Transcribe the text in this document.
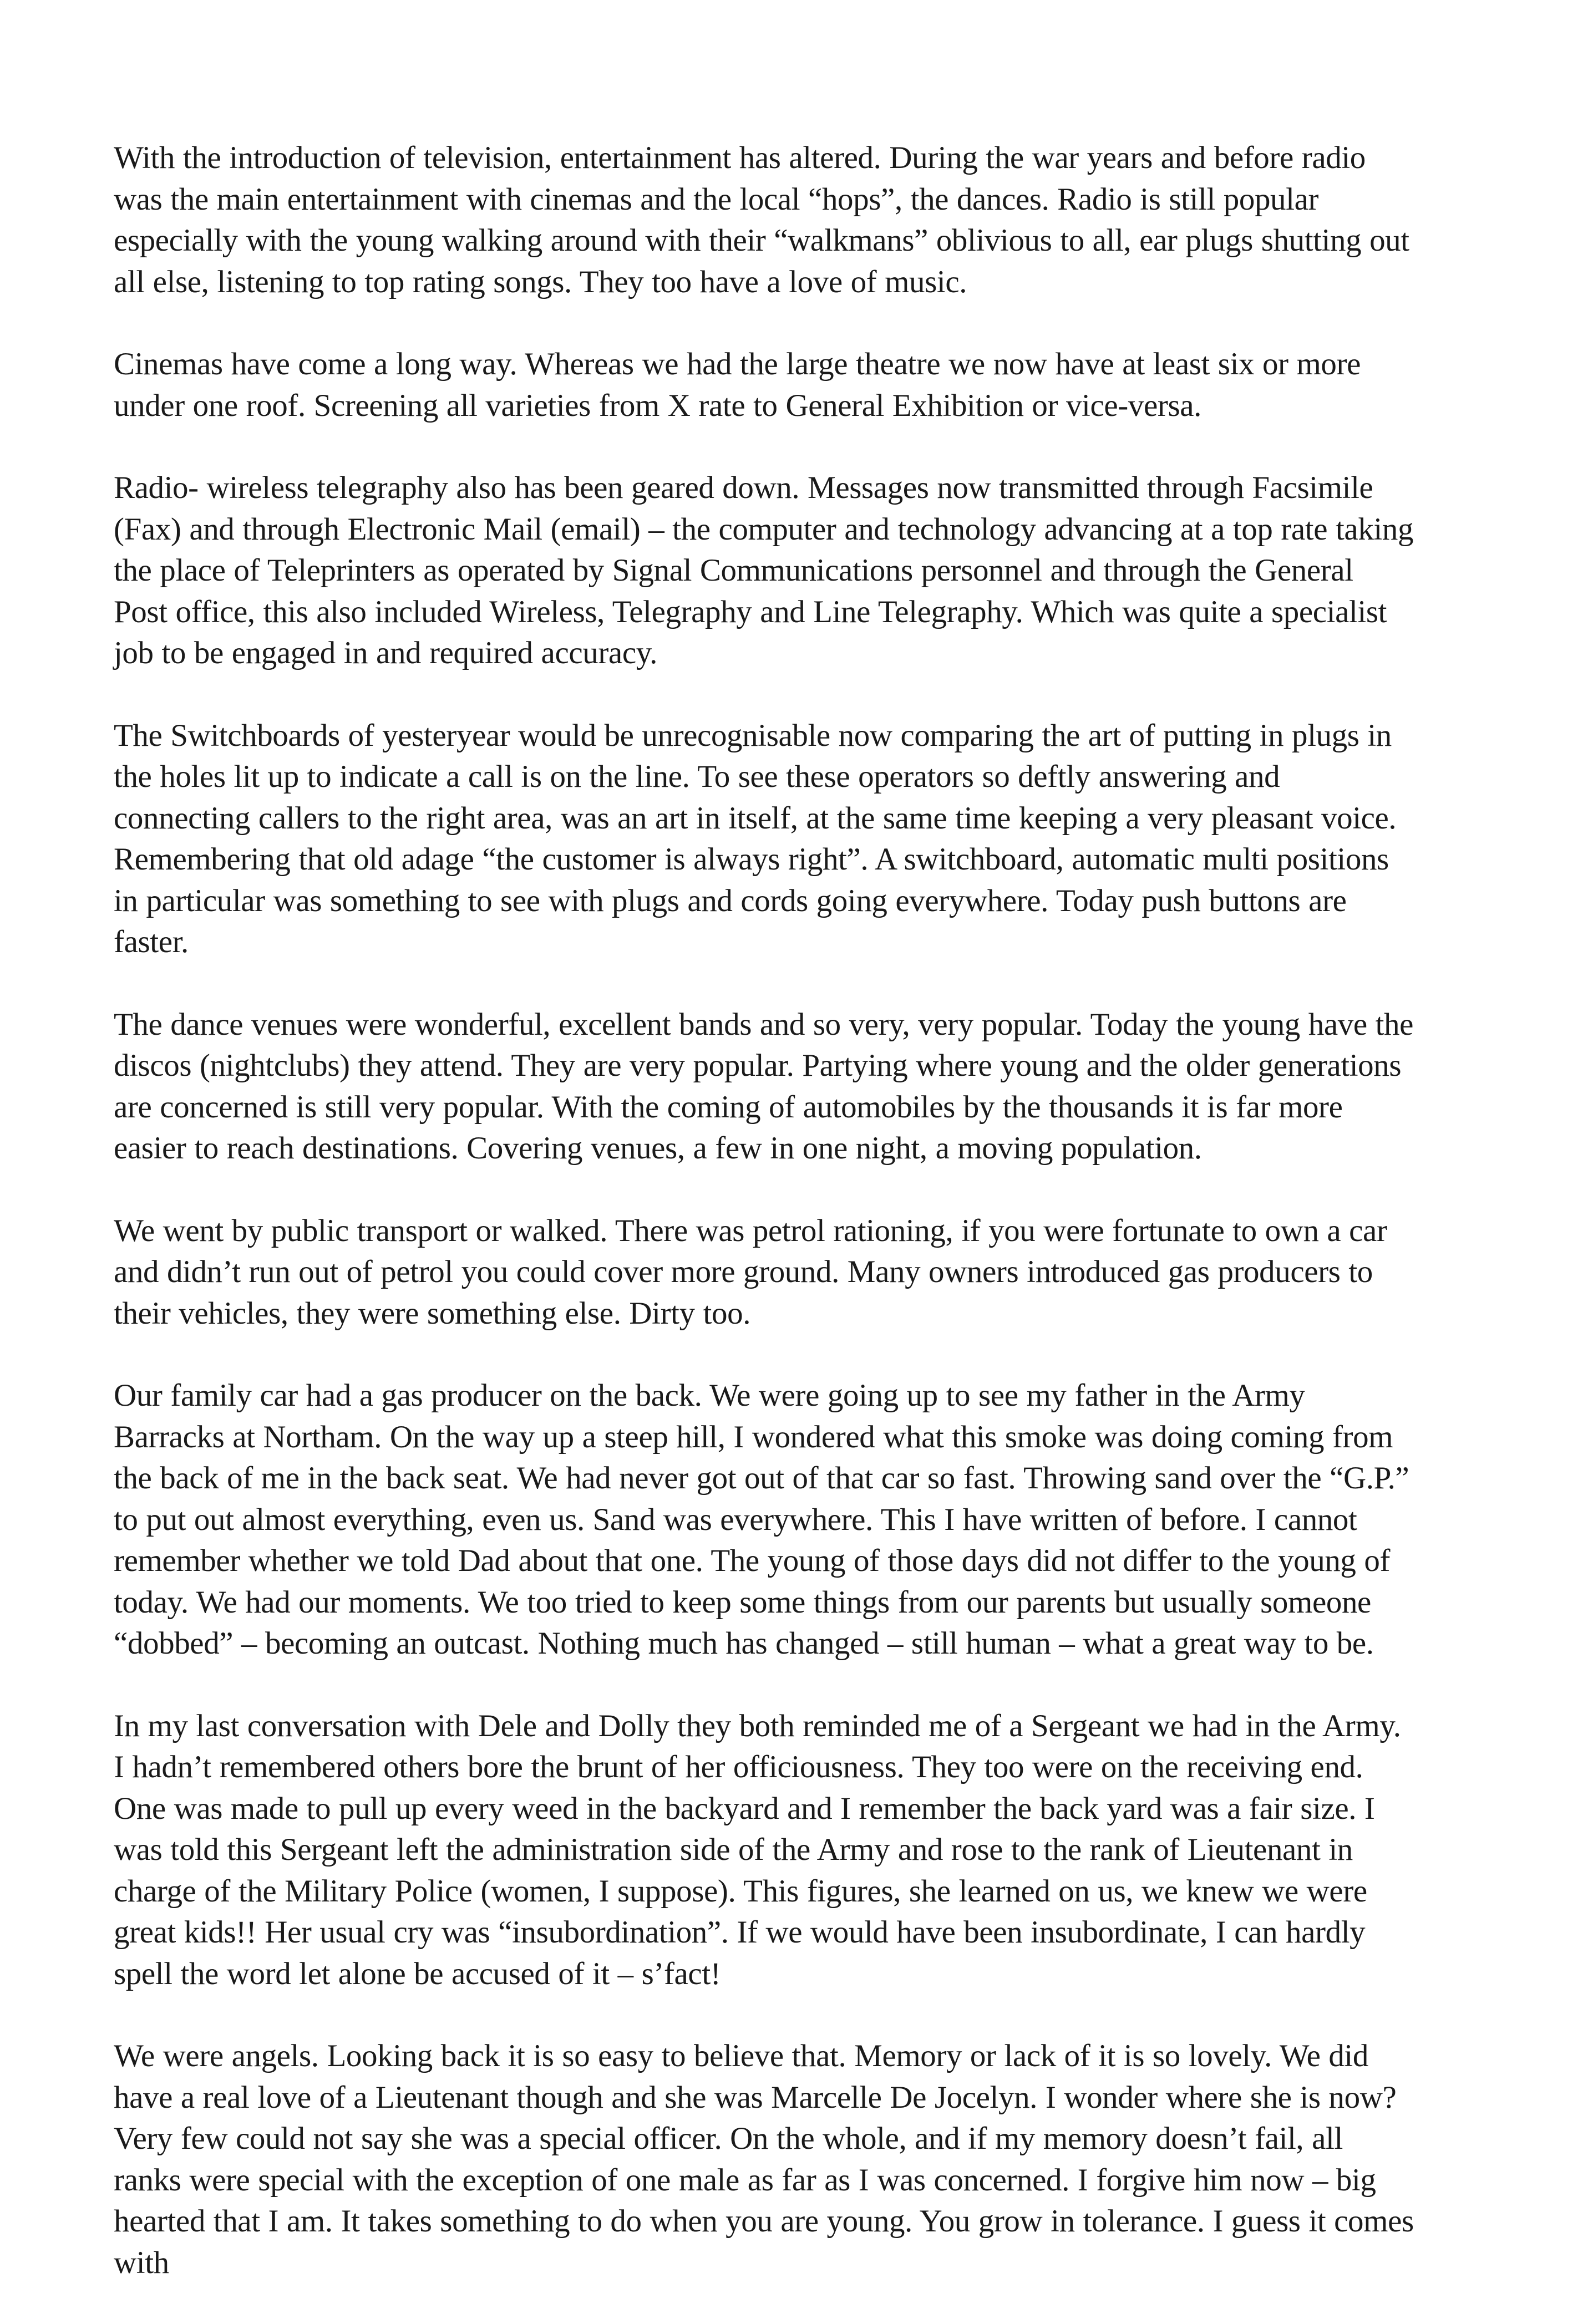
With the introduction of television, entertainment has altered. During the war years and before radio was the main entertainment with cinemas and the local “hops”, the dances. Radio is still popular especially with the young walking around with their “walkmans” oblivious to all, ear plugs shutting out all else, listening to top rating songs. They too have a love of music.

Cinemas have come a long way. Whereas we had the large theatre we now have at least six or more under one roof. Screening all varieties from X rate to General Exhibition or vice-versa.

Radio- wireless telegraphy also has been geared down. Messages now transmitted through Facsimile (Fax) and through Electronic Mail (email) – the computer and technology advancing at a top rate taking the place of Teleprinters as operated by Signal Communications personnel and through the General Post office, this also included Wireless, Telegraphy and Line Telegraphy. Which was quite a specialist job to be engaged in and required accuracy.

The Switchboards of yesteryear would be unrecognisable now comparing the art of putting in plugs in the holes lit up to indicate a call is on the line. To see these operators so deftly answering and connecting callers to the right area, was an art in itself, at the same time keeping a very pleasant voice. Remembering that old adage “the customer is always right”. A switchboard, automatic multi positions in particular was something to see with plugs and cords going everywhere. Today push buttons are faster.

The dance venues were wonderful, excellent bands and so very, very popular. Today the young have the discos (nightclubs) they attend. They are very popular. Partying where young and the older generations are concerned is still very popular. With the coming of automobiles by the thousands it is far more easier to reach destinations. Covering venues, a few in one night, a moving population.

We went by public transport or walked. There was petrol rationing, if you were fortunate to own a car and didn’t run out of petrol you could cover more ground. Many owners introduced gas producers to their vehicles, they were something else. Dirty too.

Our family car had a gas producer on the back. We were going up to see my father in the Army Barracks at Northam. On the way up a steep hill, I wondered what this smoke was doing coming from the back of me in the back seat. We had never got out of that car so fast. Throwing sand over the “G.P.” to put out almost everything, even us. Sand was everywhere. This I have written of before. I cannot remember whether we told Dad about that one. The young of those days did not differ to the young of today. We had our moments. We too tried to keep some things from our parents but usually someone “dobbed” – becoming an outcast. Nothing much has changed – still human – what a great way to be.

In my last conversation with Dele and Dolly they both reminded me of a Sergeant we had in the Army. I hadn’t remembered others bore the brunt of her officiousness. They too were on the receiving end. One was made to pull up every weed in the backyard and I remember the back yard was a fair size. I was told this Sergeant left the administration side of the Army and rose to the rank of Lieutenant in charge of the Military Police (women, I suppose). This figures, she learned on us, we knew we were great kids!! Her usual cry was “insubordination”. If we would have been insubordinate, I can hardly spell the word let alone be accused of it – s’fact!

We were angels. Looking back it is so easy to believe that. Memory or lack of it is so lovely. We did have a real love of a Lieutenant though and she was Marcelle De Jocelyn. I wonder where she is now? Very few could not say she was a special officer. On the whole, and if my memory doesn’t fail, all ranks were special with the exception of one male as far as I was concerned. I forgive him now – big hearted that I am. It takes something to do when you are young. You grow in tolerance. I guess it comes with
